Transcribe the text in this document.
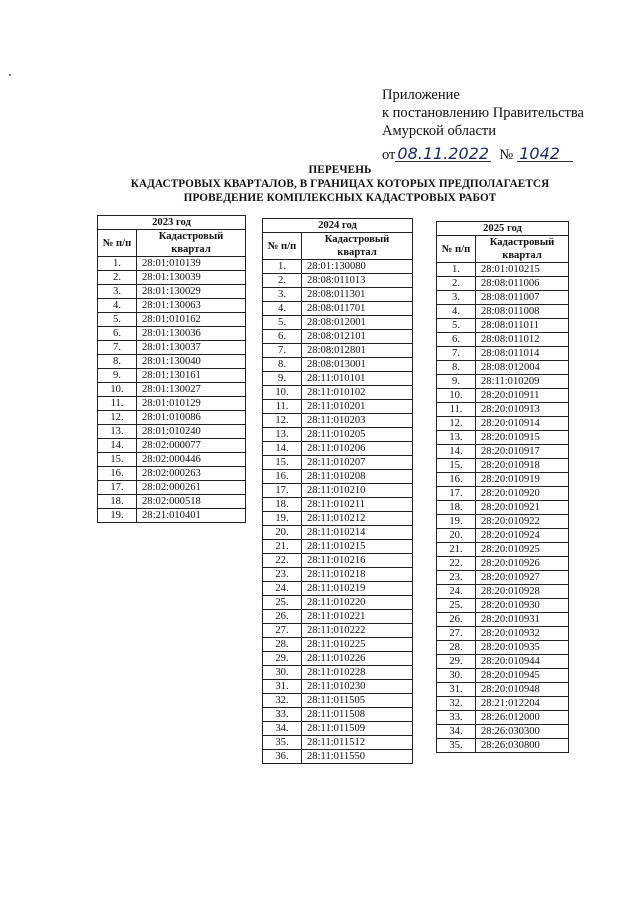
Приложение
к постановлению Правительства
Амурской области
от 08.11.2022 № 1042
ПЕРЕЧЕНЬ
КАДАСТРОВЫХ КВАРТАЛОВ, В ГРАНИЦАХ КОТОРЫХ ПРЕДПОЛАГАЕТСЯ
ПРОВЕДЕНИЕ КОМПЛЕКСНЫХ КАДАСТРОВЫХ РАБОТ
2023 год	
№ п/п	Кадастровый квартал
1.	28:01:010139
2.	28:01:130039
3.	28:01:130029
4.	28:01:130063
5.	28:01:010162
6.	28:01:130036
7.	28:01:130037
8.	28:01:130040
9.	28:01:130161
10.	28:01:130027
11.	28:01:010129
12.	28:01:010086
13.	28:01:010240
14.	28:02:000077
15.	28:02:000446
16.	28:02:000263
17.	28:02:000261
18.	28:02:000518
19.	28:21:010401
2024 год	
№ п/п	Кадастровый квартал
1.	28:01:130080
2.	28:08:011013
3.	28:08:011301
4.	28:08:011701
5.	28:08:012001
6.	28:08:012101
7.	28:08:012801
8.	28:08:013001
9.	28:11:010101
10.	28:11:010102
11.	28:11:010201
12.	28:11:010203
13.	28:11:010205
14.	28:11:010206
15.	28:11:010207
16.	28:11:010208
17.	28:11:010210
18.	28:11:010211
19.	28:11:010212
20.	28:11:010214
21.	28:11:010215
22.	28:11:010216
23.	28:11:010218
24.	28:11:010219
25.	28:11:010220
26.	28:11:010221
27.	28:11:010222
28.	28:11:010225
29.	28:11:010226
30.	28:11:010228
31.	28:11:010230
32.	28:11:011505
33.	28:11:011508
34.	28:11:011509
35.	28:11:011512
36.	28:11:011550
2025 год	
№ п/п	Кадастровый квартал
1.	28:01:010215
2.	28:08:011006
3.	28:08:011007
4.	28:08:011008
5.	28:08:011011
6.	28:08:011012
7.	28:08:011014
8.	28:08:012004
9.	28:11:010209
10.	28:20:010911
11.	28:20:010913
12.	28:20:010914
13.	28:20:010915
14.	28:20:010917
15.	28:20:010918
16.	28:20:010919
17.	28:20:010920
18.	28:20:010921
19.	28:20:010922
20.	28:20:010924
21.	28:20:010925
22.	28:20:010926
23.	28:20:010927
24.	28:20:010928
25.	28:20:010930
26.	28:20:010931
27.	28:20:010932
28.	28:20:010935
29.	28:20:010944
30.	28:20:010945
31.	28:20:010948
32.	28:21:012204
33.	28:26:012000
34.	28:26:030300
35.	28:26:030800
